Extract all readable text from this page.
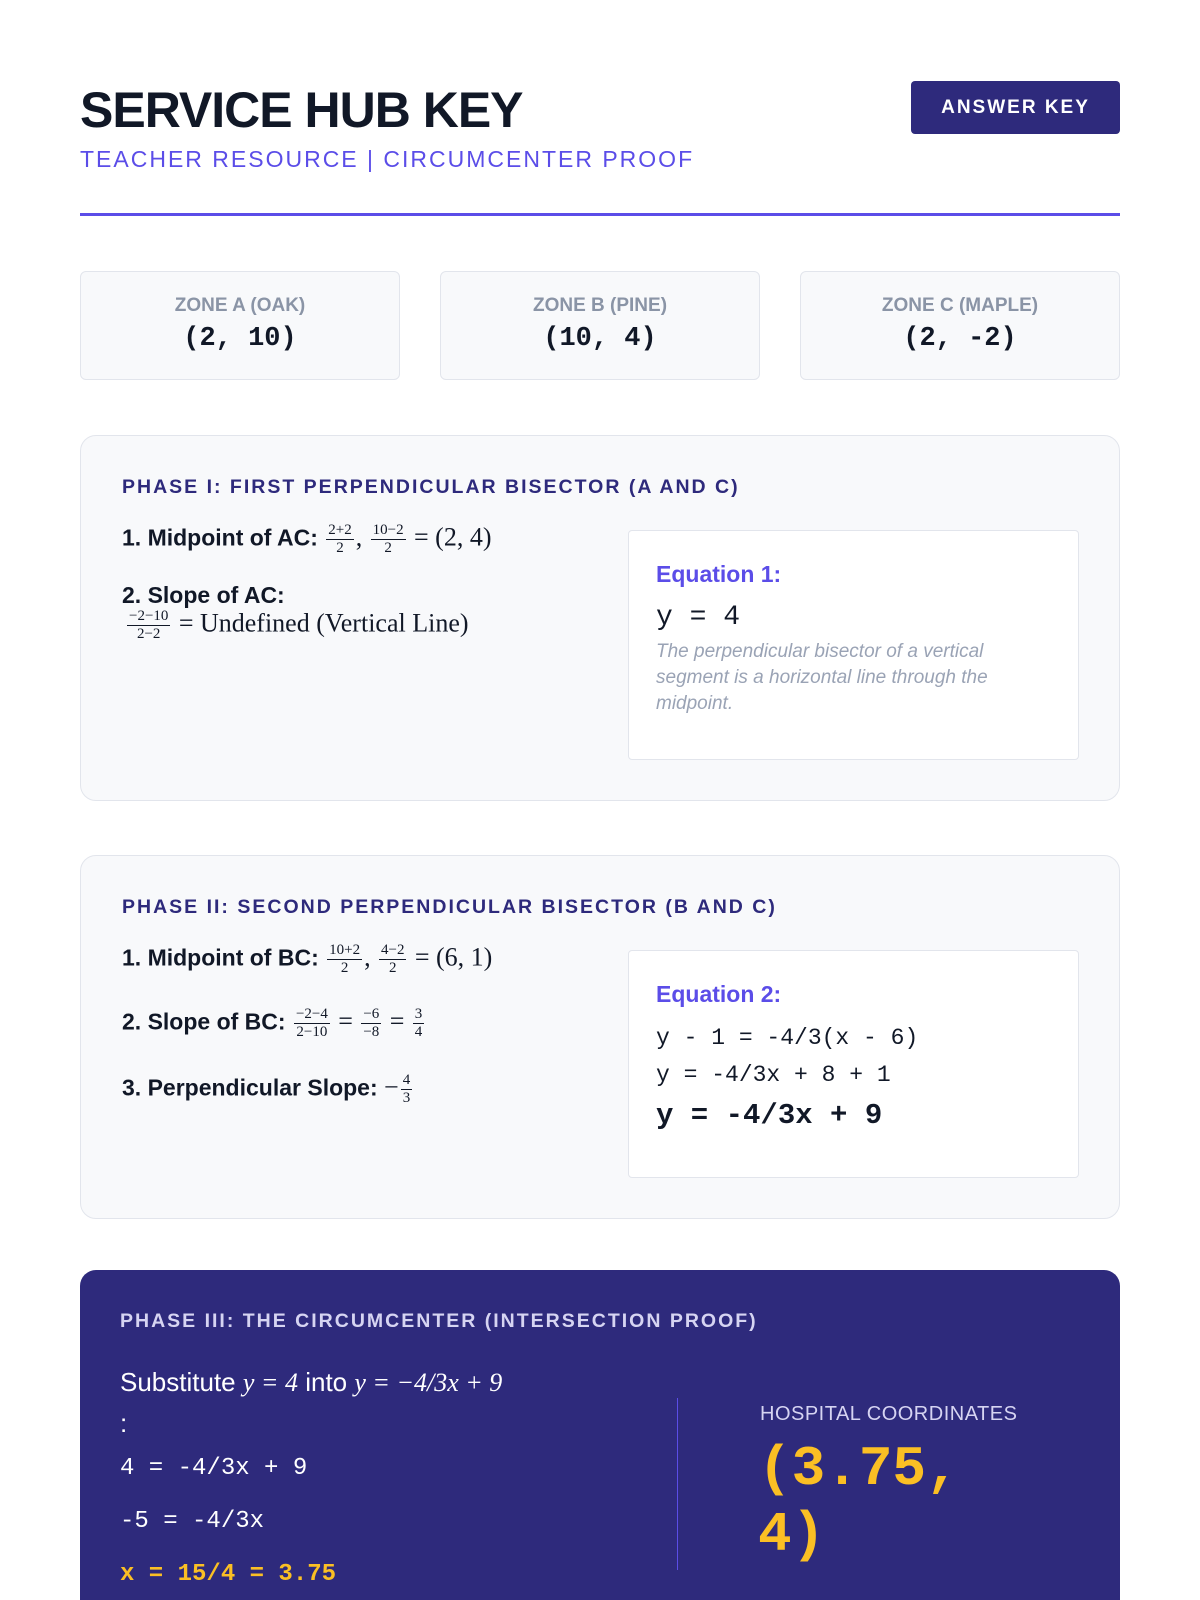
SERVICE HUB KEY
TEACHER RESOURCE | CIRCUMCENTER PROOF
ANSWER KEY
ZONE A (OAK)
(2, 10)
ZONE B (PINE)
(10, 4)
ZONE C (MAPLE)
(2, -2)
PHASE I: FIRST PERPENDICULAR BISECTOR (A AND C)
1. Midpoint of AC: $\frac{2+2}{2}$ , $\frac{10-2}{2} = (2$, 4)
2. Slope of AC:
$\frac{-2-10}{2-2}$ = Undefined (Vertical Line)
Equation 1:
y = 4
The perpendicular bisector of a vertical segment is a horizontal line through the midpoint.
PHASE II: SECOND PERPENDICULAR BISECTOR (B AND C)
1. Midpoint of BC: $\frac{10+2}{2}$ , $\frac{4-2}{2} = (6$, 1)
2. Slope of BC: $\frac{-2-4}{2-10} = \frac{-6}{-8} = \frac{3}{4}$
3. Perpendicular Slope: − $\frac{4}{3}$
Equation 2:
y - 1 = -4/3(x - 6)
y = -4/3x + 8 + 1
y = -4/3x + 9
PHASE III: THE CIRCUMCENTER (INTERSECTION PROOF)
Substitute y = 4 into y = −4/3x + 9
:
4 = -4/3x + 9
-5 = -4/3x
x = 15/4 = 3.75
HOSPITAL COORDINATES
(3.75, 4)
